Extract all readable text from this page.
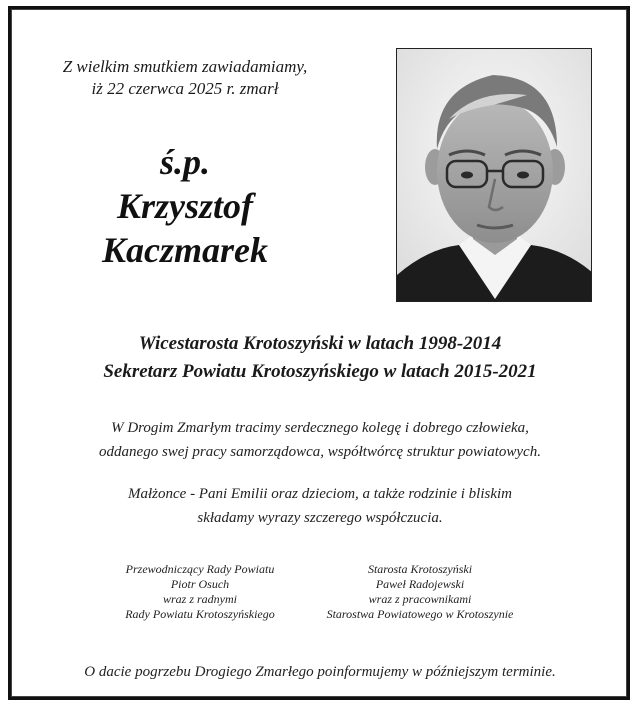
Z wielkim smutkiem zawiadamiamy,
iż 22 czerwca 2025 r. zmarł
ś.p.
Krzysztof
Kaczmarek
Wicestarosta Krotoszyński w latach 1998-2014
Sekretarz Powiatu Krotoszyńskiego w latach 2015-2021
W Drogim Zmarłym tracimy serdecznego kolegę i dobrego człowieka,
oddanego swej pracy samorządowca, współtwórcę struktur powiatowych.
Małżonce - Pani Emilii oraz dzieciom, a także rodzinie i bliskim
składamy wyrazy szczerego współczucia.
Przewodniczący Rady Powiatu
Piotr Osuch
wraz z radnymi
Rady Powiatu Krotoszyńskiego
Starosta Krotoszyński
Paweł Radojewski
wraz z pracownikami
Starostwa Powiatowego w Krotoszynie
O dacie pogrzebu Drogiego Zmarłego poinformujemy w późniejszym terminie.
